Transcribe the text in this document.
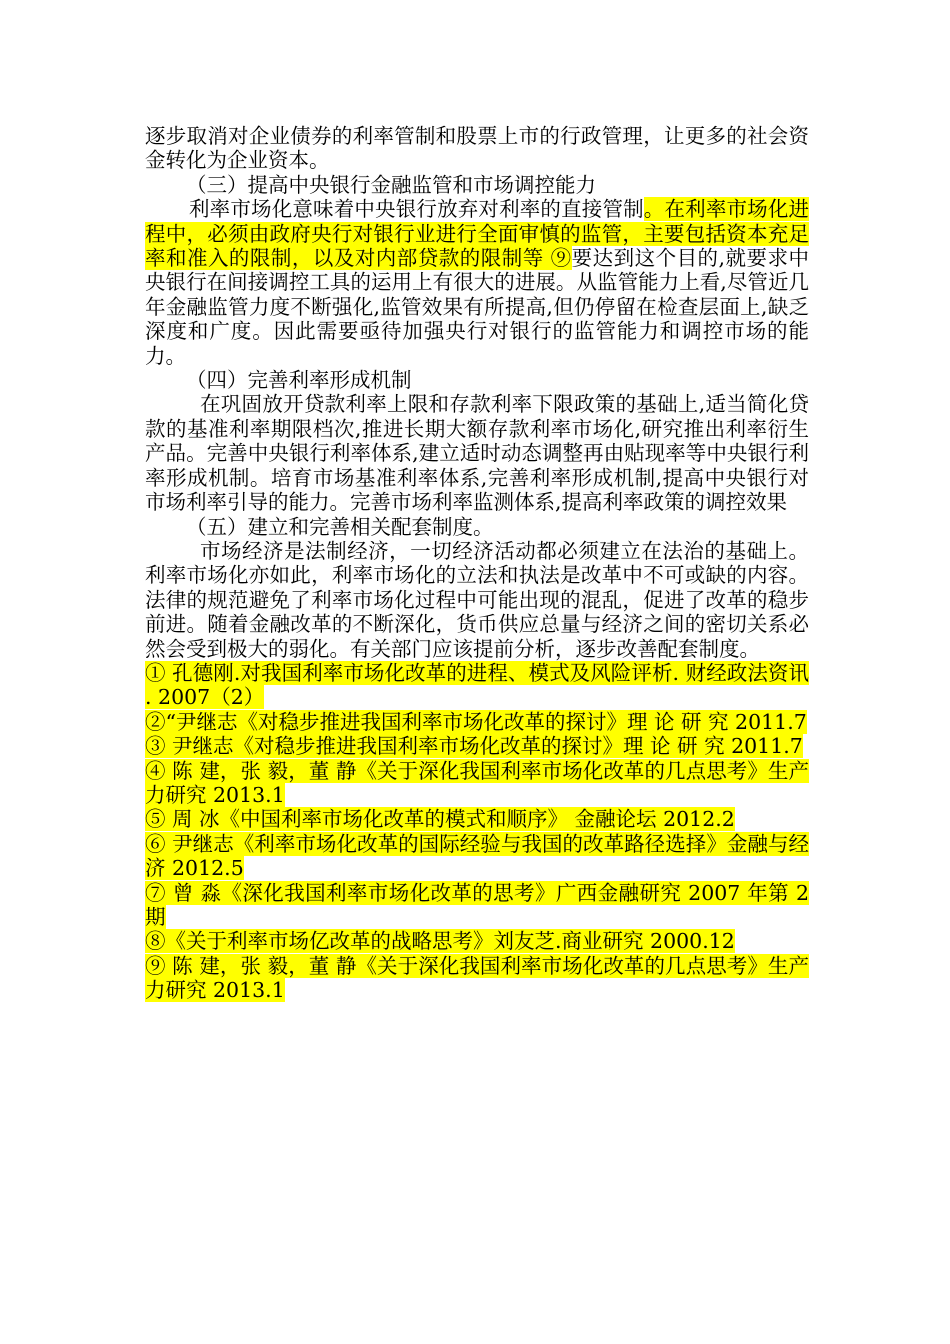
逐步取消对企业债券的利率管制和股票上市的行政管理，让更多的社会资金转化为企业资本。

（三）提高中央银行金融监管和市场调控能力

利率市场化意味着中央银行放弃对利率的直接管制。在利率市场化进程中，必须由政府央行对银行业进行全面审慎的监管，主要包括资本充足率和准入的限制，以及对内部贷款的限制等 ⑨要达到这个目的,就要求中央银行在间接调控工具的运用上有很大的进展。从监管能力上看,尽管近几年金融监管力度不断强化,监管效果有所提高,但仍停留在检查层面上,缺乏深度和广度。因此需要亟待加强央行对银行的监管能力和调控市场的能力。

（四）完善利率形成机制

在巩固放开贷款利率上限和存款利率下限政策的基础上,适当简化贷款的基准利率期限档次,推进长期大额存款利率市场化,研究推出利率衍生产品。完善中央银行利率体系,建立适时动态调整再由贴现率等中央银行利率形成机制。培育市场基准利率体系,完善利率形成机制,提高中央银行对市场利率引导的能力。完善市场利率监测体系,提高利率政策的调控效果

（五）建立和完善相关配套制度。

市场经济是法制经济，一切经济活动都必须建立在法治的基础上。利率市场化亦如此，利率市场化的立法和执法是改革中不可或缺的内容。法律的规范避免了利率市场化过程中可能出现的混乱，促进了改革的稳步前进。随着金融改革的不断深化，货币供应总量与经济之间的密切关系必然会受到极大的弱化。有关部门应该提前分析，逐步改善配套制度。

① 孔德刚.对我国利率市场化改革的进程、模式及风险评析. 财经政法资讯 . 2007（2）

②“尹继志《对稳步推进我国利率市场化改革的探讨》理 论 研 究 2011.7

③ 尹继志《对稳步推进我国利率市场化改革的探讨》理 论 研 究 2011.7

④ 陈 建，张 毅，董 静《关于深化我国利率市场化改革的几点思考》生产力研究 2013.1

⑤ 周 冰《中国利率市场化改革的模式和顺序》 金融论坛 2012.2

⑥ 尹继志《利率市场化改革的国际经验与我国的改革路径选择》金融与经济 2012.5

⑦ 曾 淼《深化我国利率市场化改革的思考》广西金融研究 2007 年第 2 期

⑧《关于利率市场亿改革的战略思考》刘友芝.商业研究 2000.12

⑨ 陈 建，张 毅，董 静《关于深化我国利率市场化改革的几点思考》生产力研究 2013.1
